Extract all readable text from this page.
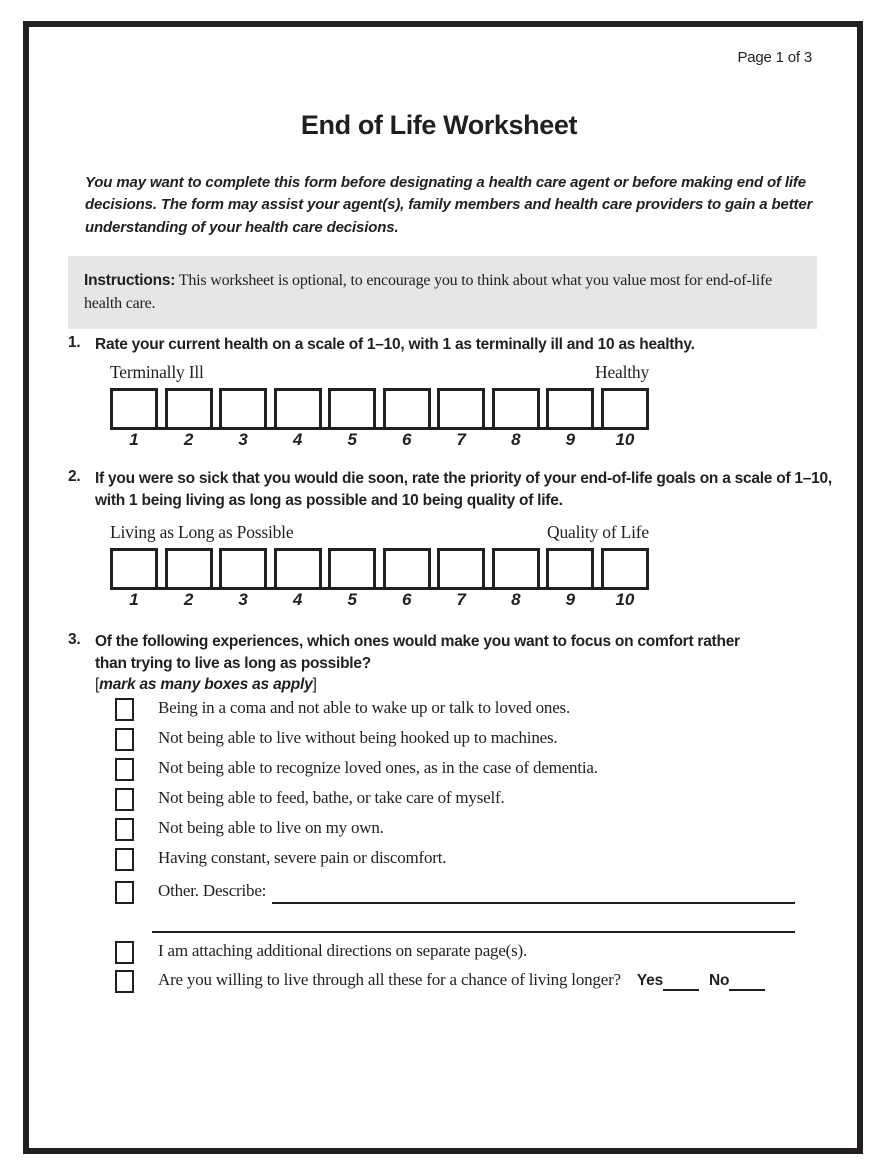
Page 1 of 3
End of Life Worksheet
You may want to complete this form before designating a health care agent or before making end of life decisions. The form may assist your agent(s), family members and health care providers to gain a better understanding of your health care decisions.
Instructions: This worksheet is optional, to encourage you to think about what you value most for end-of-life health care.
1. Rate your current health on a scale of 1–10, with 1 as terminally ill and 10 as healthy.
Terminally Ill	Healthy
1	2	3	4	5	6	7	8	9	10
2. If you were so sick that you would die soon, rate the priority of your end-of-life goals on a scale of 1–10, with 1 being living as long as possible and 10 being quality of life.
Living as Long as Possible	Quality of Life
1	2	3	4	5	6	7	8	9	10
3. Of the following experiences, which ones would make you want to focus on comfort rather than trying to live as long as possible?
[mark as many boxes as apply]
Being in a coma and not able to wake up or talk to loved ones.
Not being able to live without being hooked up to machines.
Not being able to recognize loved ones, as in the case of dementia.
Not being able to feed, bathe, or take care of myself.
Not being able to live on my own.
Having constant, severe pain or discomfort.
Other. Describe:
I am attaching additional directions on separate page(s).
Are you willing to live through all these for a chance of living longer? Yes	No
